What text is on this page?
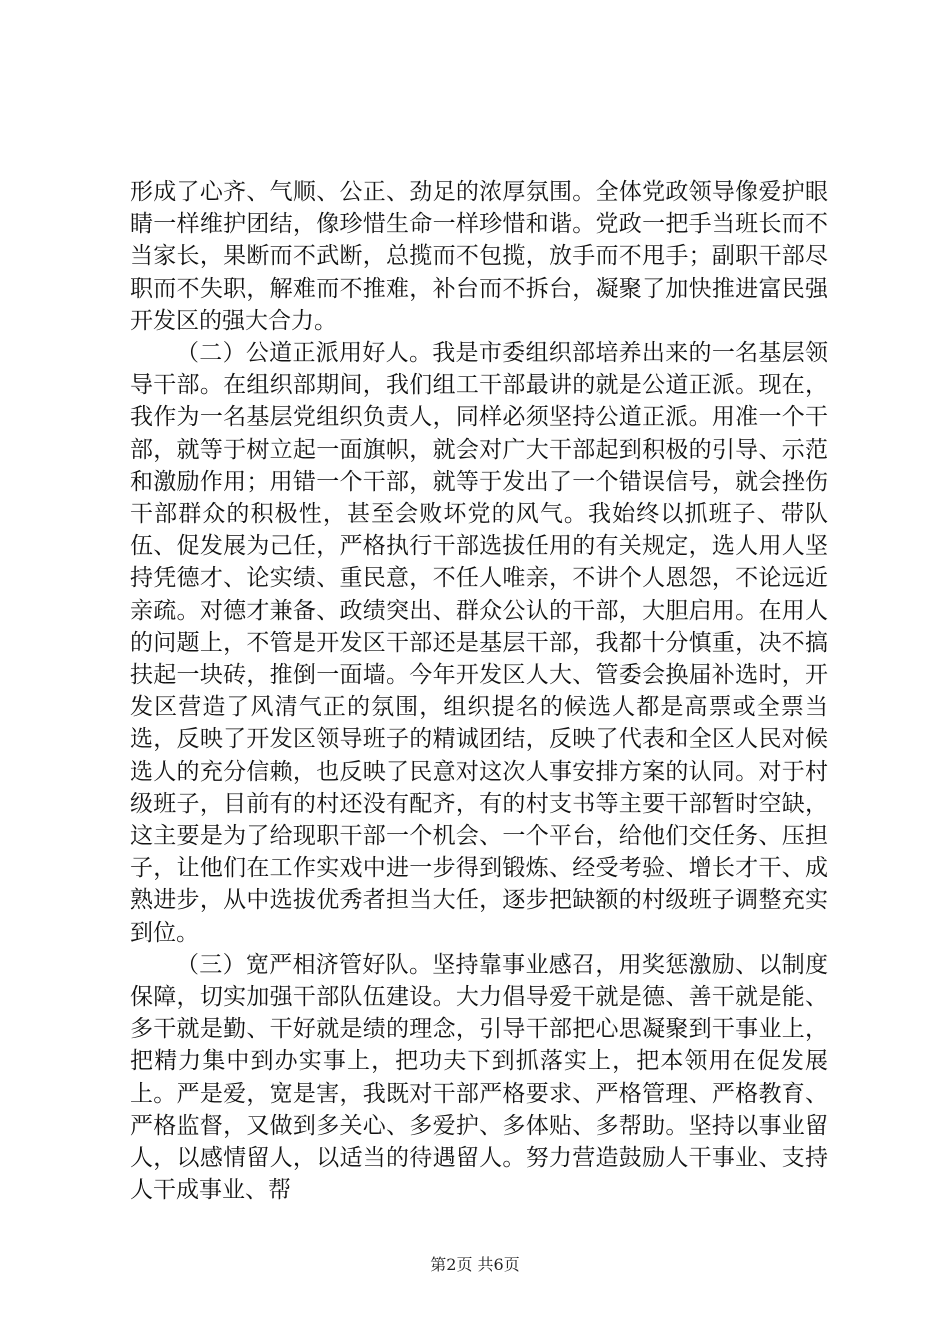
形成了心齐、气顺、公正、劲足的浓厚氛围。全体党政领导像爱护眼睛一样维护团结，像珍惜生命一样珍惜和谐。党政一把手当班长而不当家长，果断而不武断，总揽而不包揽，放手而不甩手；副职干部尽职而不失职，解难而不推难，补台而不拆台，凝聚了加快推进富民强开发区的强大合力。

（二）公道正派用好人。我是市委组织部培养出来的一名基层领导干部。在组织部期间，我们组工干部最讲的就是公道正派。现在，我作为一名基层党组织负责人，同样必须坚持公道正派。用准一个干部，就等于树立起一面旗帜，就会对广大干部起到积极的引导、示范和激励作用；用错一个干部，就等于发出了一个错误信号，就会挫伤干部群众的积极性，甚至会败坏党的风气。我始终以抓班子、带队伍、促发展为己任，严格执行干部选拔任用的有关规定，选人用人坚持凭德才、论实绩、重民意，不任人唯亲，不讲个人恩怨，不论远近亲疏。对德才兼备、政绩突出、群众公认的干部，大胆启用。在用人的问题上，不管是开发区干部还是基层干部，我都十分慎重，决不搞扶起一块砖，推倒一面墙。今年开发区人大、管委会换届补选时，开发区营造了风清气正的氛围，组织提名的候选人都是高票或全票当选，反映了开发区领导班子的精诚团结，反映了代表和全区人民对候选人的充分信赖，也反映了民意对这次人事安排方案的认同。对于村级班子，目前有的村还没有配齐，有的村支书等主要干部暂时空缺，这主要是为了给现职干部一个机会、一个平台，给他们交任务、压担子，让他们在工作实戏中进一步得到锻炼、经受考验、增长才干、成熟进步，从中选拔优秀者担当大任，逐步把缺额的村级班子调整充实到位。

（三）宽严相济管好队。坚持靠事业感召，用奖惩激励、以制度保障，切实加强干部队伍建设。大力倡导爱干就是德、善干就是能、多干就是勤、干好就是绩的理念，引导干部把心思凝聚到干事业上，把精力集中到办实事上，把功夫下到抓落实上，把本领用在促发展上。严是爱，宽是害，我既对干部严格要求、严格管理、严格教育、严格监督，又做到多关心、多爱护、多体贴、多帮助。坚持以事业留人，以感情留人，以适当的待遇留人。努力营造鼓励人干事业、支持人干成事业、帮

第2页 共6页
